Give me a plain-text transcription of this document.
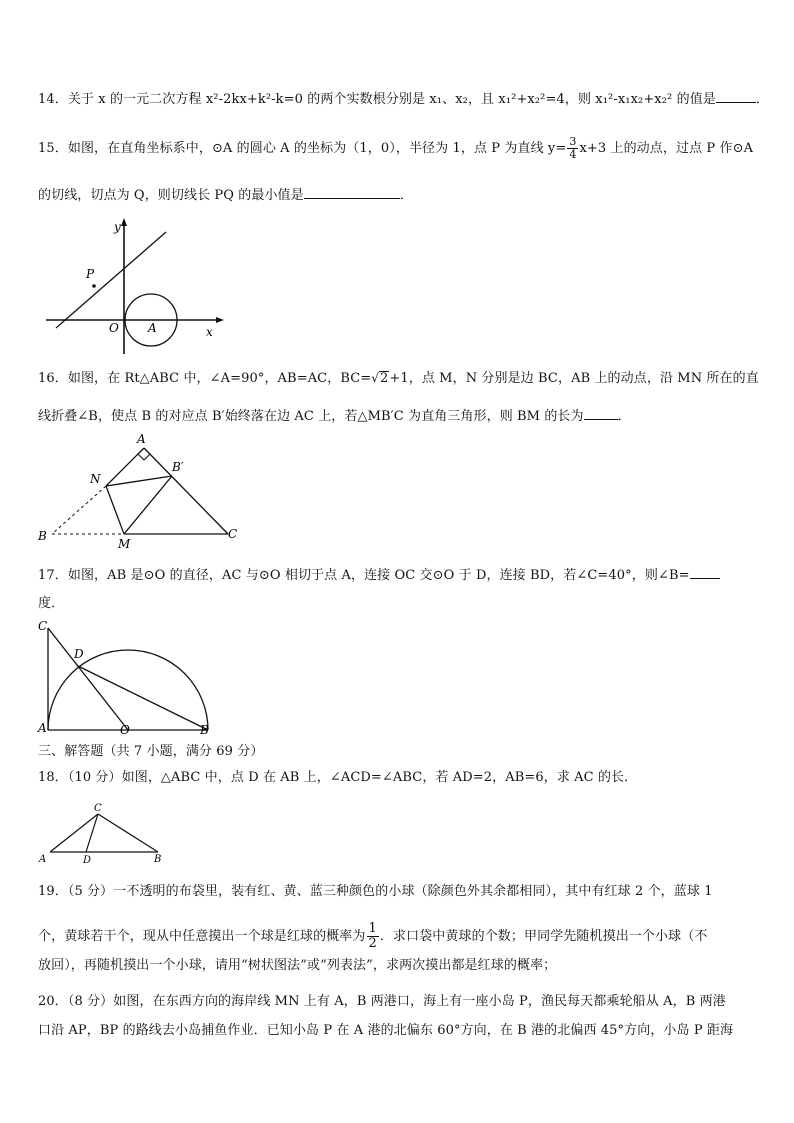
14．关于 x 的一元二次方程 x²-2kx+k²-k=0 的两个实数根分别是 x₁、x₂，且 x₁²+x₂²=4，则 x₁²-x₁x₂+x₂² 的值是	．
15．如图，在直角坐标系中，⊙A 的圆心 A 的坐标为（1，0），半径为 1，点 P 为直线 $y= \frac{3}{4} x+3$ 上的动点，过点 P 作⊙A
的切线，切点为 Q，则切线长 PQ 的最小值是	．
y
x
O A
P
16．如图，在 Rt△ABC 中，∠A=90°，AB=AC，BC=√2+1，点 M，N 分别是边 BC，AB 上的动点，沿 MN 所在的直
线折叠∠B，使点 B 的对应点 B′始终落在边 AC 上，若△MB′C 为直角三角形，则 BM 的长为	．
A
B	C
N
M
B′
17．如图，AB 是⊙O 的直径，AC 与⊙O 相切于点 A，连接 OC 交⊙O 于 D，连接 BD，若∠C=40°，则∠B=
度．
C
D
A	O	B
三、解答题（共 7 小题，满分 69 分）
18．（10 分）如图，△ABC 中，点 D 在 AB 上，∠ACD=∠ABC，若 AD=2，AB=6，求 AC 的长．
C
A	D	B
19．（5 分）一不透明的布袋里，装有红、黄、蓝三种颜色的小球（除颜色外其余都相同），其中有红球 2 个，蓝球 1
个，黄球若干个，现从中任意摸出一个球是红球的概率为 $\frac{1}{2}$ ．求口袋中黄球的个数；甲同学先随机摸出一个小球（不
放回），再随机摸出一个小球，请用“树状图法”或“列表法”，求两次摸出都是红球的概率；
20．（8 分）如图，在东西方向的海岸线 MN 上有 A，B 两港口，海上有一座小岛 P，渔民每天都乘轮船从 A，B 两港
口沿 AP，BP 的路线去小岛捕鱼作业．已知小岛 P 在 A 港的北偏东 60°方向，在 B 港的北偏西 45°方向，小岛 P 距海
